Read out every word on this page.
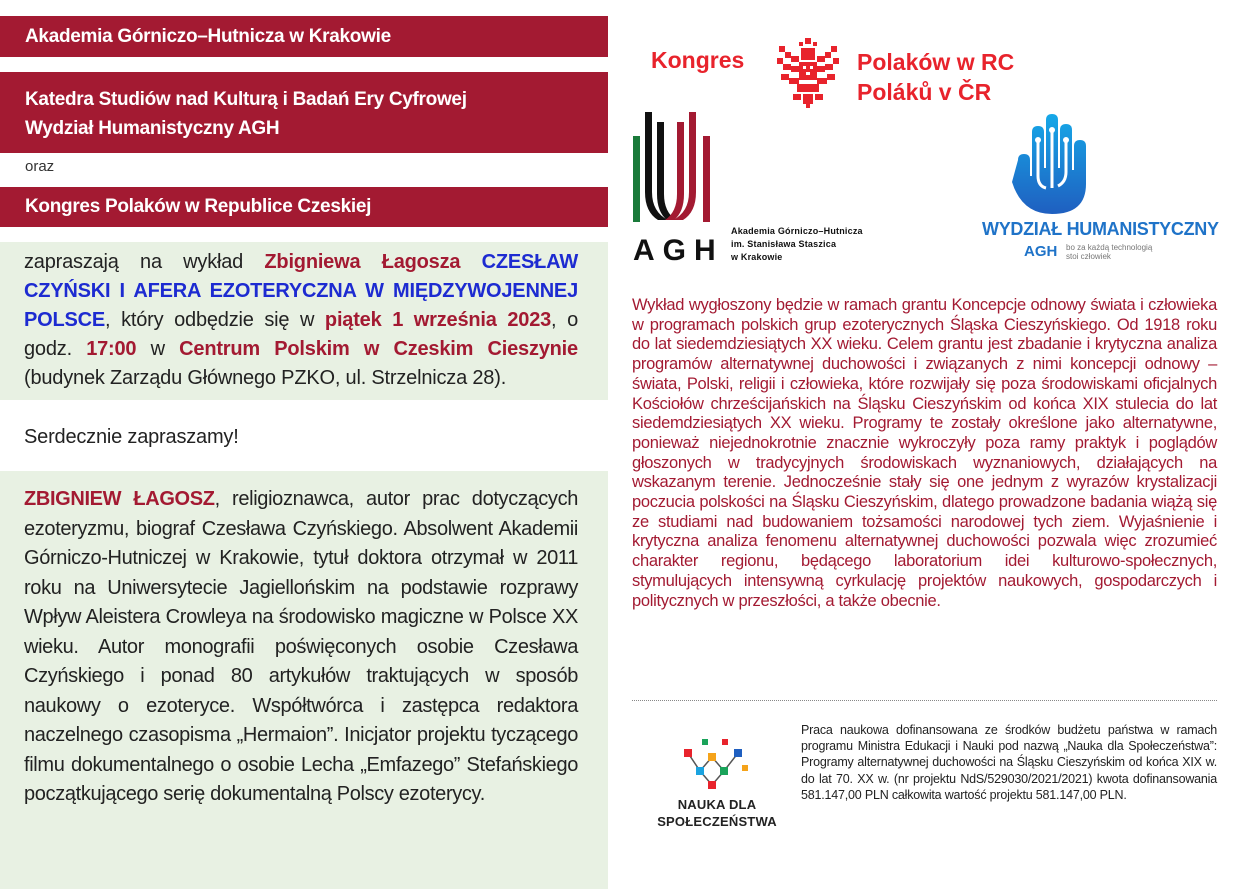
Akademia Górniczo–Hutnicza w Krakowie
Katedra Studiów nad Kulturą i Badań Ery Cyfrowej
Wydział Humanistyczny AGH
oraz
Kongres Polaków w Republice Czeskiej
zapraszają na wykład Zbigniewa Łagosza CZESŁAW CZYŃSKI I AFERA EZOTERYCZNA W MIĘDZYWOJENNEJ POLSCE, który odbędzie się w piątek 1 września 2023, o godz. 17:00 w Centrum Polskim w Czeskim Cieszynie (budynek Zarządu Głównego PZKO, ul. Strzelnicza 28).
Serdecznie zapraszamy!
ZBIGNIEW ŁAGOSZ, religioznawca, autor prac dotyczących ezoteryzmu, biograf Czesława Czyńskiego. Absolwent Akademii Górniczo-Hutniczej w Krakowie, tytuł doktora otrzymał w 2011 roku na Uniwersytecie Jagiellońskim na podstawie rozprawy Wpływ Aleistera Crowleya na środowisko magiczne w Polsce XX wieku. Autor monografii poświęconych osobie Czesława Czyńskiego i ponad 80 artykułów traktujących w sposób naukowy o ezoteryce. Współtwórca i zastępca redaktora naczelnego czasopisma „Hermaion”. Inicjator projektu tyczącego filmu dokumentalnego o osobie Lecha „Emfazego” Stefańskiego początkującego serię dokumentalną Polscy ezoterycy.
Kongres	Polaków w RC
Poláků v ČR
AGH
Akademia Górniczo–Hutnicza
im. Stanisława Staszica
w Krakowie
WYDZIAŁ HUMANISTYCZNY
AGH bo za każdą technologią
stoi człowiek
Wykład wygłoszony będzie w ramach grantu Koncepcje odnowy świata i człowieka w programach polskich grup ezoterycznych Śląska Cieszyńskiego. Od 1918 roku do lat siedemdziesiątych XX wieku. Celem grantu jest zbadanie i krytyczna analiza programów alternatywnej duchowości i związanych z nimi koncepcji odnowy – świata, Polski, religii i człowieka, które rozwijały się poza środowiskami oficjalnych Kościołów chrześcijańskich na Śląsku Cieszyńskim od końca XIX stulecia do lat siedemdziesiątych XX wieku. Programy te zostały określone jako alternatywne, ponieważ niejednokrotnie znacznie wykroczyły poza ramy praktyk i poglądów głoszonych w tradycyjnych środowiskach wyznaniowych, działających na wskazanym terenie. Jednocześnie stały się one jednym z wyrazów krystalizacji poczucia polskości na Śląsku Cieszyńskim, dlatego prowadzone badania wiążą się ze studiami nad budowaniem tożsamości narodowej tych ziem. Wyjaśnienie i krytyczna analiza fenomenu alternatywnej duchowości pozwala więc zrozumieć charakter regionu, będącego laboratorium idei kulturowo-społecznych, stymulujących intensywną cyrkulację projektów naukowych, gospodarczych i politycznych w przeszłości, a także obecnie.
NAUKA DLA
SPOŁECZEŃSTWA
Praca naukowa dofinansowana ze środków budżetu państwa w ramach programu Ministra Edukacji i Nauki pod nazwą „Nauka dla Społeczeństwa”: Programy alternatywnej duchowości na Śląsku Cieszyńskim od końca XIX w. do lat 70. XX w. (nr projektu NdS/529030/2021/2021) kwota dofinansowania 581.147,00 PLN całkowita wartość projektu 581.147,00 PLN.
